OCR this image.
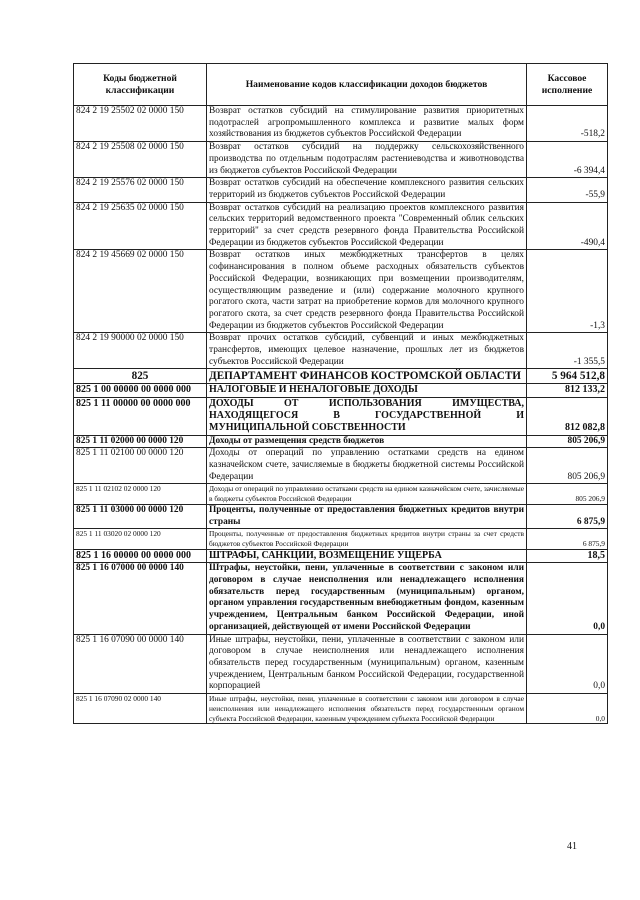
Коды бюджетной классификации	Наименование кодов классификации доходов бюджетов	Кассовое исполнение
824 2 19 25502 02 0000 150	Возврат остатков субсидий на стимулирование развития приоритетных подотраслей агропромышленного комплекса и развитие малых форм хозяйствования из бюджетов субъектов Российской Федерации	-518,2
824 2 19 25508 02 0000 150	Возврат остатков субсидий на поддержку сельскохозяйственного производства по отдельным подотраслям растениеводства и животноводства из бюджетов субъектов Российской Федерации	-6 394,4
824 2 19 25576 02 0000 150	Возврат остатков субсидий на обеспечение комплексного развития сельских территорий из бюджетов субъектов Российской Федерации	-55,9
824 2 19 25635 02 0000 150	Возврат остатков субсидий на реализацию проектов комплексного развития сельских территорий ведомственного проекта "Современный облик сельских территорий" за счет средств резервного фонда Правительства Российской Федерации из бюджетов субъектов Российской Федерации	-490,4
824 2 19 45669 02 0000 150	Возврат остатков иных межбюджетных трансфертов в целях софинансирования в полном объеме расходных обязательств субъектов Российской Федерации, возникающих при возмещении производителям, осуществляющим разведение и (или) содержание молочного крупного рогатого скота, части затрат на приобретение кормов для молочного крупного рогатого скота, за счет средств резервного фонда Правительства Российской Федерации из бюджетов субъектов Российской Федерации	-1,3
824 2 19 90000 02 0000 150	Возврат прочих остатков субсидий, субвенций и иных межбюджетных трансфертов, имеющих целевое назначение, прошлых лет из бюджетов субъектов Российской Федерации	-1 355,5
825	ДЕПАРТАМЕНТ ФИНАНСОВ КОСТРОМСКОЙ ОБЛАСТИ	5 964 512,8
825 1 00 00000 00 0000 000	НАЛОГОВЫЕ И НЕНАЛОГОВЫЕ ДОХОДЫ	812 133,2
825 1 11 00000 00 0000 000	ДОХОДЫ ОТ ИСПОЛЬЗОВАНИЯ ИМУЩЕСТВА, НАХОДЯЩЕГОСЯ В ГОСУДАРСТВЕННОЙ И МУНИЦИПАЛЬНОЙ СОБСТВЕННОСТИ	812 082,8
825 1 11 02000 00 0000 120	Доходы от размещения средств бюджетов	805 206,9
825 1 11 02100 00 0000 120	Доходы от операций по управлению остатками средств на едином казначейском счете, зачисляемые в бюджеты бюджетной системы Российской Федерации	805 206,9
825 1 11 02102 02 0000 120	Доходы от операций по управлению остатками средств на едином казначейском счете, зачисляемые в бюджеты субъектов Российской Федерации	805 206,9
825 1 11 03000 00 0000 120	Проценты, полученные от предоставления бюджетных кредитов внутри страны	6 875,9
825 1 11 03020 02 0000 120	Проценты, полученные от предоставления бюджетных кредитов внутри страны за счет средств бюджетов субъектов Российской Федерации	6 875,9
825 1 16 00000 00 0000 000	ШТРАФЫ, САНКЦИИ, ВОЗМЕЩЕНИЕ УЩЕРБА	18,5
825 1 16 07000 00 0000 140	Штрафы, неустойки, пени, уплаченные в соответствии с законом или договором в случае неисполнения или ненадлежащего исполнения обязательств перед государственным (муниципальным) органом, органом управления государственным внебюджетным фондом, казенным учреждением, Центральным банком Российской Федерации, иной организацией, действующей от имени Российской Федерации	0,0
825 1 16 07090 00 0000 140	Иные штрафы, неустойки, пени, уплаченные в соответствии с законом или договором в случае неисполнения или ненадлежащего исполнения обязательств перед государственным (муниципальным) органом, казенным учреждением, Центральным банком Российской Федерации, государственной корпорацией	0,0
825 1 16 07090 02 0000 140	Иные штрафы, неустойки, пени, уплаченные в соответствии с законом или договором в случае неисполнения или ненадлежащего исполнения обязательств перед государственным органом субъекта Российской Федерации, казенным учреждением субъекта Российской Федерации	0,0
41
